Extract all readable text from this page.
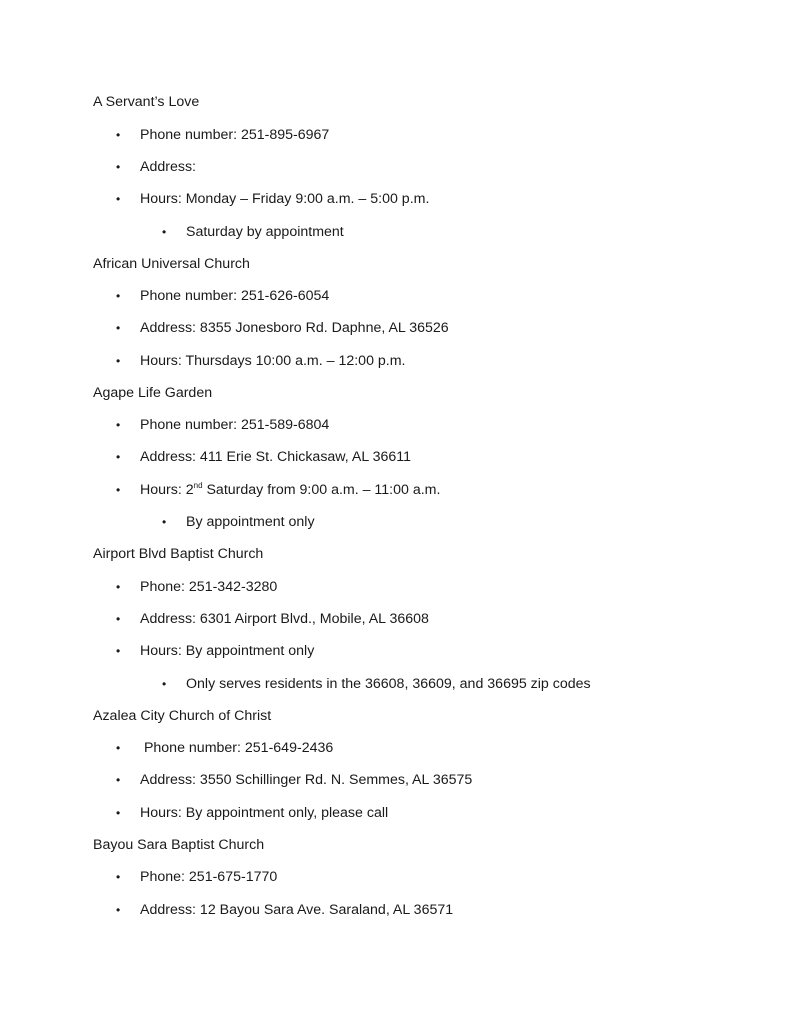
A Servant’s Love
• Phone number: 251-895-6967
• Address:
• Hours: Monday – Friday 9:00 a.m. – 5:00 p.m.
• Saturday by appointment
African Universal Church
• Phone number: 251-626-6054
• Address: 8355 Jonesboro Rd. Daphne, AL 36526
• Hours: Thursdays 10:00 a.m. – 12:00 p.m.
Agape Life Garden
• Phone number: 251-589-6804
• Address: 411 Erie St. Chickasaw, AL 36611
• Hours: 2nd Saturday from 9:00 a.m. – 11:00 a.m.
• By appointment only
Airport Blvd Baptist Church
• Phone: 251-342-3280
• Address: 6301 Airport Blvd., Mobile, AL 36608
• Hours: By appointment only
• Only serves residents in the 36608, 36609, and 36695 zip codes
Azalea City Church of Christ
• Phone number: 251-649-2436
• Address: 3550 Schillinger Rd. N. Semmes, AL 36575
• Hours: By appointment only, please call
Bayou Sara Baptist Church
• Phone: 251-675-1770
• Address: 12 Bayou Sara Ave. Saraland, AL 36571
